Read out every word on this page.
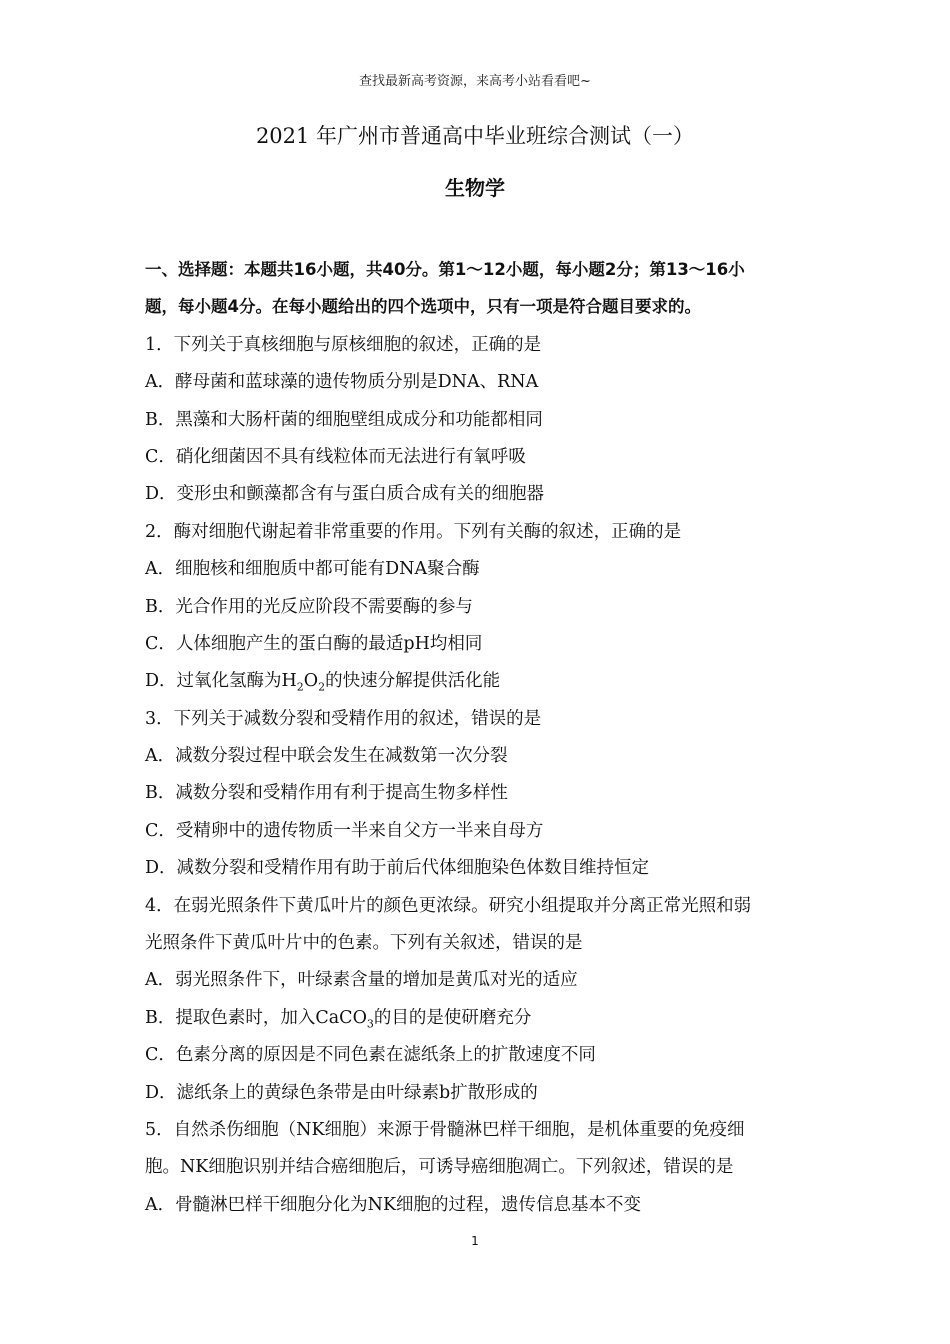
查找最新高考资源，来高考小站看看吧~
2021 年广州市普通高中毕业班综合测试（一）
生物学
一、选择题：本题共16小题，共40分。第1～12小题，每小题2分；第13～16小
题，每小题4分。在每小题给出的四个选项中，只有一项是符合题目要求的。
1．下列关于真核细胞与原核细胞的叙述，正确的是
A．酵母菌和蓝球藻的遗传物质分别是DNA、RNA
B．黑藻和大肠杆菌的细胞壁组成成分和功能都相同
C．硝化细菌因不具有线粒体而无法进行有氧呼吸
D．变形虫和颤藻都含有与蛋白质合成有关的细胞器
2．酶对细胞代谢起着非常重要的作用。下列有关酶的叙述，正确的是
A．细胞核和细胞质中都可能有DNA聚合酶
B．光合作用的光反应阶段不需要酶的参与
C．人体细胞产生的蛋白酶的最适pH均相同
D．过氧化氢酶为$H_2O_2$的快速分解提供活化能
3．下列关于减数分裂和受精作用的叙述，错误的是
A．减数分裂过程中联会发生在减数第一次分裂
B．减数分裂和受精作用有利于提高生物多样性
C．受精卵中的遗传物质一半来自父方一半来自母方
D．减数分裂和受精作用有助于前后代体细胞染色体数目维持恒定
4．在弱光照条件下黄瓜叶片的颜色更浓绿。研究小组提取并分离正常光照和弱
光照条件下黄瓜叶片中的色素。下列有关叙述，错误的是
A．弱光照条件下，叶绿素含量的增加是黄瓜对光的适应
B．提取色素时，加入CaCO$_3$的目的是使研磨充分
C．色素分离的原因是不同色素在滤纸条上的扩散速度不同
D．滤纸条上的黄绿色条带是由叶绿素b扩散形成的
5．自然杀伤细胞（NK细胞）来源于骨髓淋巴样干细胞，是机体重要的免疫细
胞。NK细胞识别并结合癌细胞后，可诱导癌细胞凋亡。下列叙述，错误的是
A．骨髓淋巴样干细胞分化为NK细胞的过程，遗传信息基本不变
1
